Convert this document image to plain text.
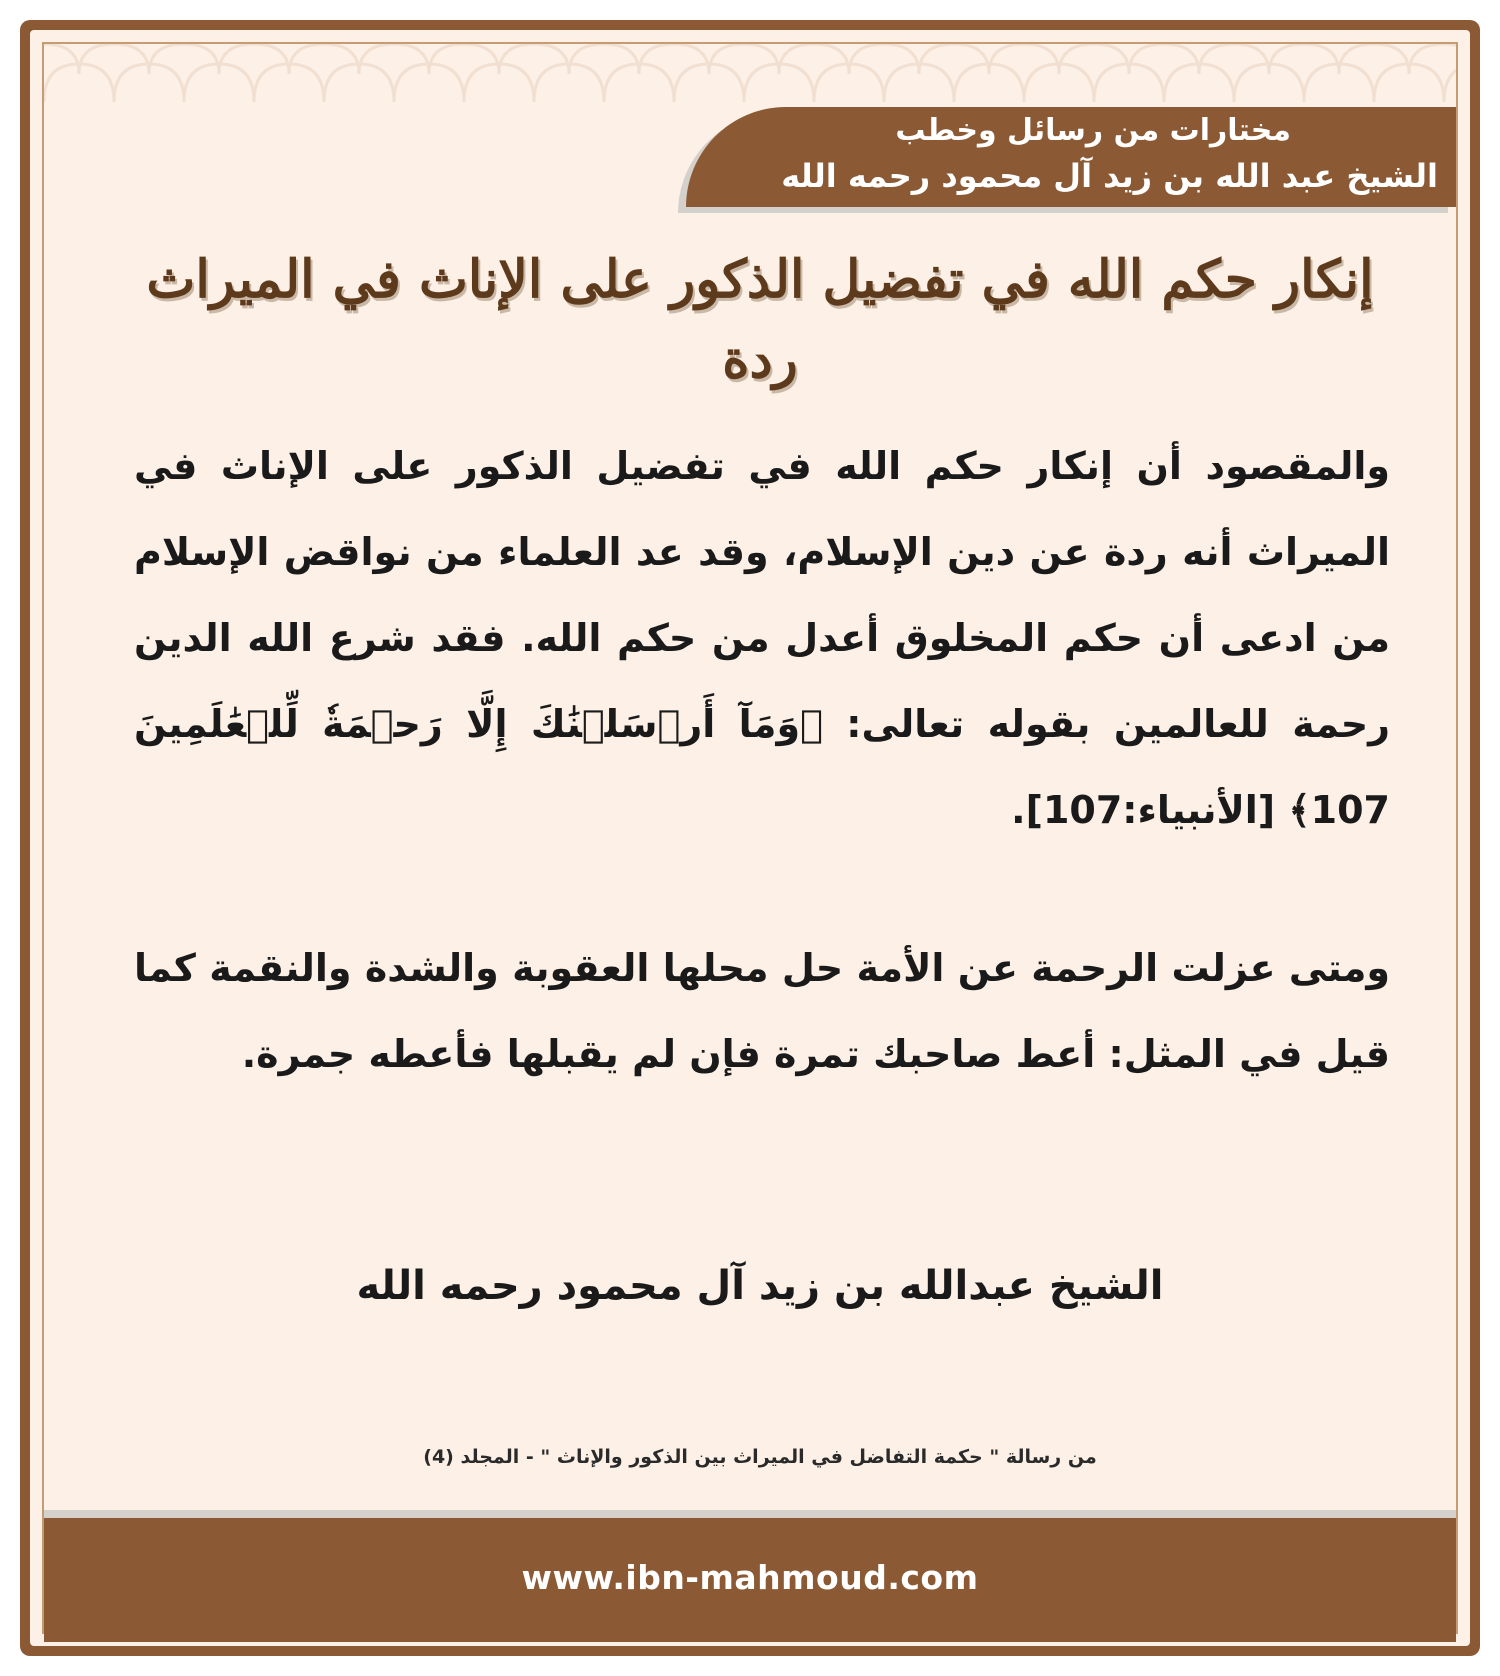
مختارات من رسائل وخطب
الشيخ عبد الله بن زيد آل محمود رحمه الله
إنكار حكم الله في تفضيل الذكور على الإناث في الميراث ردة
والمقصود أن إنكار حكم الله في تفضيل الذكور على الإناث في الميراث أنه ردة عن دين الإسلام، وقد عد العلماء من نواقض الإسلام من ادعى أن حكم المخلوق أعدل من حكم الله. فقد شرع الله الدين رحمة للعالمين بقوله تعالى: ﴿وَمَآ أَرۡسَلۡنَٰكَ إِلَّا رَحۡمَةٗ لِّلۡعَٰلَمِينَ 107﴾ [الأنبياء:107].
ومتى عزلت الرحمة عن الأمة حل محلها العقوبة والشدة والنقمة كما قيل في المثل: أعط صاحبك تمرة فإن لم يقبلها فأعطه جمرة.
الشيخ عبدالله بن زيد آل محمود رحمه الله
من رسالة " حكمة التفاضل في الميراث بين الذكور والإناث " - المجلد (4)
www.ibn-mahmoud.com
